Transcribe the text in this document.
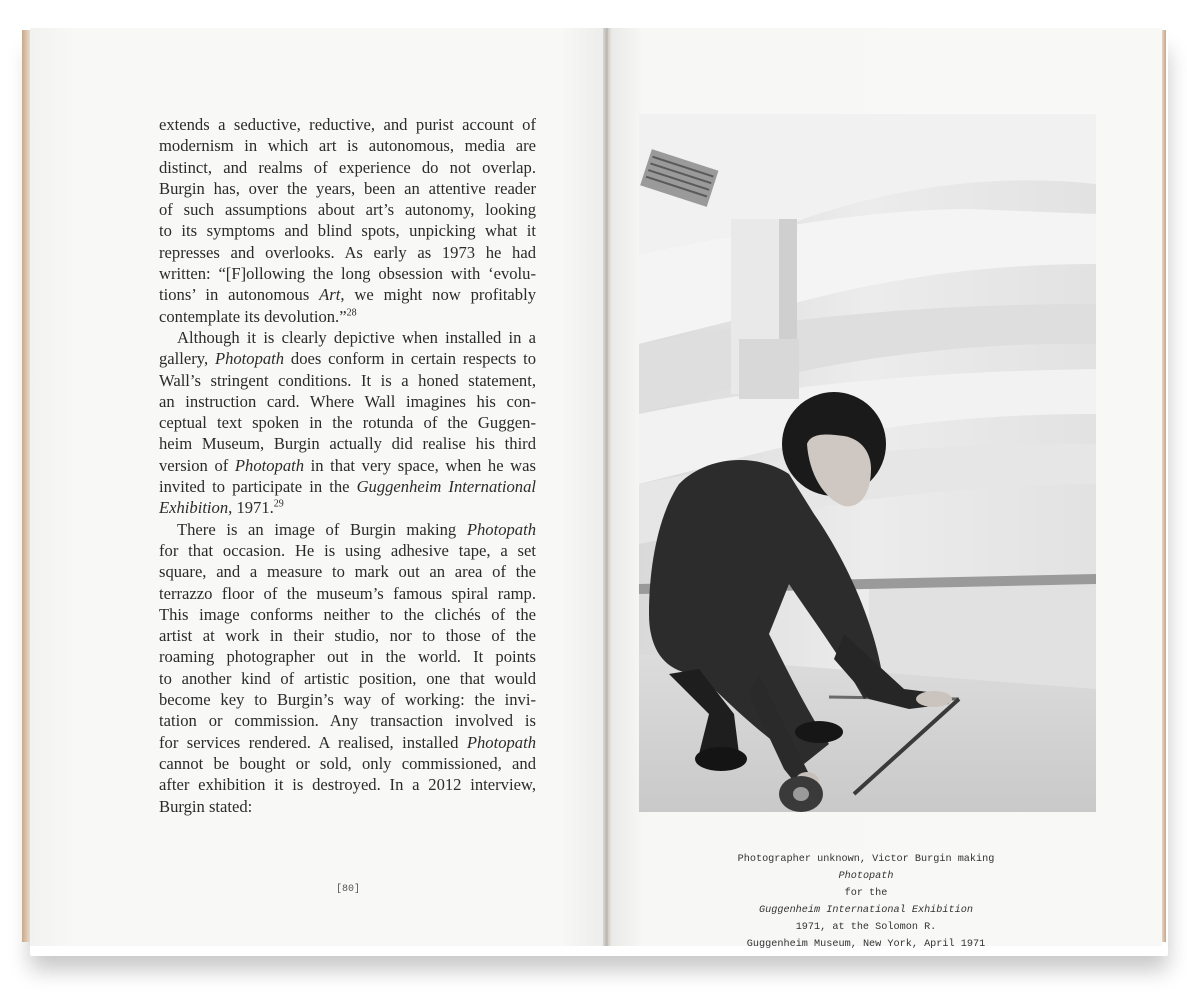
extends a seductive, reductive, and purist account of
modernism in which art is autonomous, media are
distinct, and realms of experience do not overlap.
Burgin has, over the years, been an attentive reader
of such assumptions about art’s autonomy, looking
to its symptoms and blind spots, unpicking what it
represses and overlooks. As early as 1973 he had
written: “[F]ollowing the long obsession with ‘evolu-
tions’ in autonomous Art, we might now profitably
contemplate its devolution.”$^{28}$
Although it is clearly depictive when installed in a
gallery, Photopath does conform in certain respects to
Wall’s stringent conditions. It is a honed statement,
an instruction card. Where Wall imagines his con-
ceptual text spoken in the rotunda of the Guggen-
heim Museum, Burgin actually did realise his third
version of Photopath in that very space, when he was
invited to participate in the Guggenheim International
Exhibition, 1971.29
There is an image of Burgin making Photopath
for that occasion. He is using adhesive tape, a set
square, and a measure to mark out an area of the
terrazzo floor of the museum’s famous spiral ramp.
This image conforms neither to the clichés of the
artist at work in their studio, nor to those of the
roaming photographer out in the world. It points
to another kind of artistic position, one that would
become key to Burgin’s way of working: the invi-
tation or commission. Any transaction involved is
for services rendered. A realised, installed Photopath
cannot be bought or sold, only commissioned, and
after exhibition it is destroyed. In a 2012 interview,
Burgin stated:
[80]
Photographer unknown, Victor Burgin making
Photopath
for the
Guggenheim International Exhibition
1971, at the Solomon R.
Guggenheim Museum, New York, April 1971
